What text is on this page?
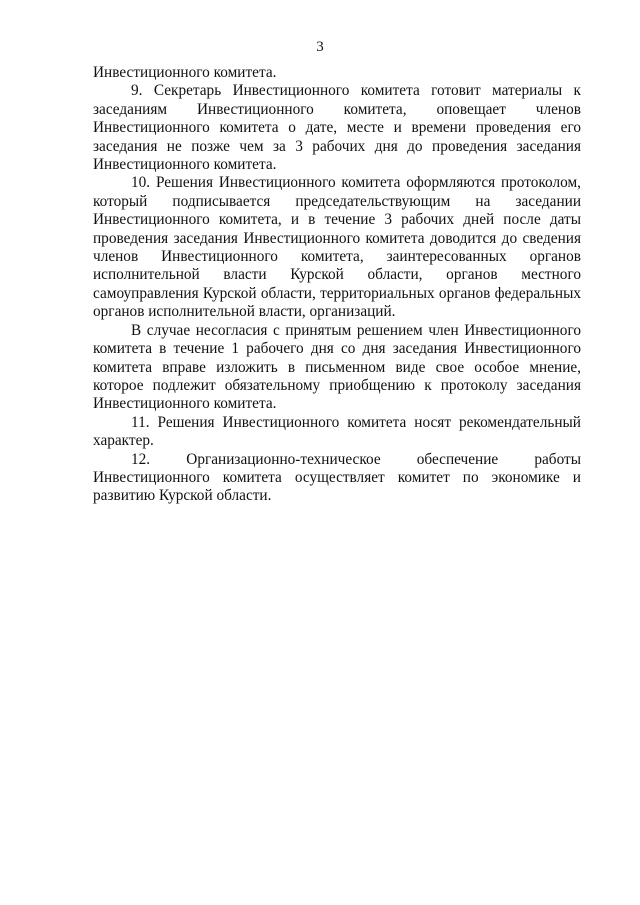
3

Инвестиционного комитета.

9. Секретарь Инвестиционного комитета готовит материалы к заседаниям Инвестиционного комитета, оповещает членов Инвестиционного комитета о дате, месте и времени проведения его заседания не позже чем за 3 рабочих дня до проведения заседания Инвестиционного комитета.

10. Решения Инвестиционного комитета оформляются протоколом, который подписывается председательствующим на заседании Инвестиционного комитета, и в течение 3 рабочих дней после даты проведения заседания Инвестиционного комитета доводится до сведения членов Инвестиционного комитета, заинтересованных органов исполнительной власти Курской области, органов местного самоуправления Курской области, территориальных органов федеральных органов исполнительной власти, организаций.

В случае несогласия с принятым решением член Инвестиционного комитета в течение 1 рабочего дня со дня заседания Инвестиционного комитета вправе изложить в письменном виде свое особое мнение, которое подлежит обязательному приобщению к протоколу заседания Инвестиционного комитета.

11. Решения Инвестиционного комитета носят рекомендательный характер.

12. Организационно-техническое обеспечение работы Инвестиционного комитета осуществляет комитет по экономике и развитию Курской области.
